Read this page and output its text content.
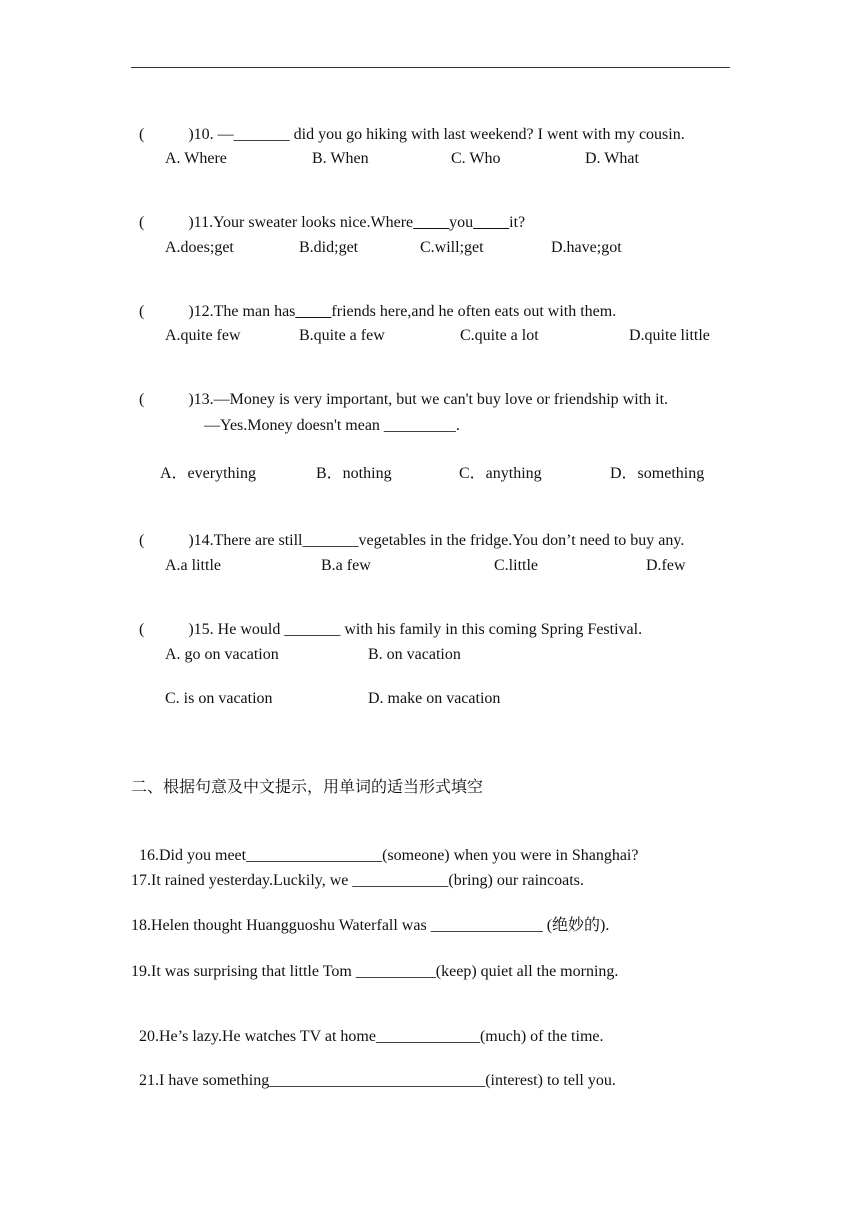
(           )10. —_______ did you go hiking with last weekend? I went with my cousin.

A. Where	B. When	C. Who	D. What

(           )11.Your sweater looks nice.Where you it?

A.does;get	B.did;get	C.will;get	D.have;got

(           )12.The man has friends here,and he often eats out with them.

A.quite few	B.quite a few	C.quite a lot	D.quite little

(           )13.—Money is very important, but we can't buy love or friendship with it.

—Yes.Money doesn't mean _________.
A．everything	B．nothing	C．anything	D．something

(           )14.There are still_______vegetables in the fridge.You don’t need to buy any.

A.a little	B.a few	C.little	D.few

(           )15. He would _______ with his family in this coming Spring Festival.

A. go on vacation	B. on vacation
C. is on vacation	D. make on vacation
二、根据句意及中文提示，用单词的适当形式填空

16.Did you meet_________________(someone) when you were in Shanghai?

17.It rained yesterday.Luckily, we ____________(bring) our raincoats.
18.Helen thought Huangguoshu Waterfall was ______________ (绝妙的).
19.It was surprising that little Tom __________(keep) quiet all the morning.

20.He’s lazy.He watches TV at home_____________(much) of the time.

21.I have something___________________________(interest) to tell you.
